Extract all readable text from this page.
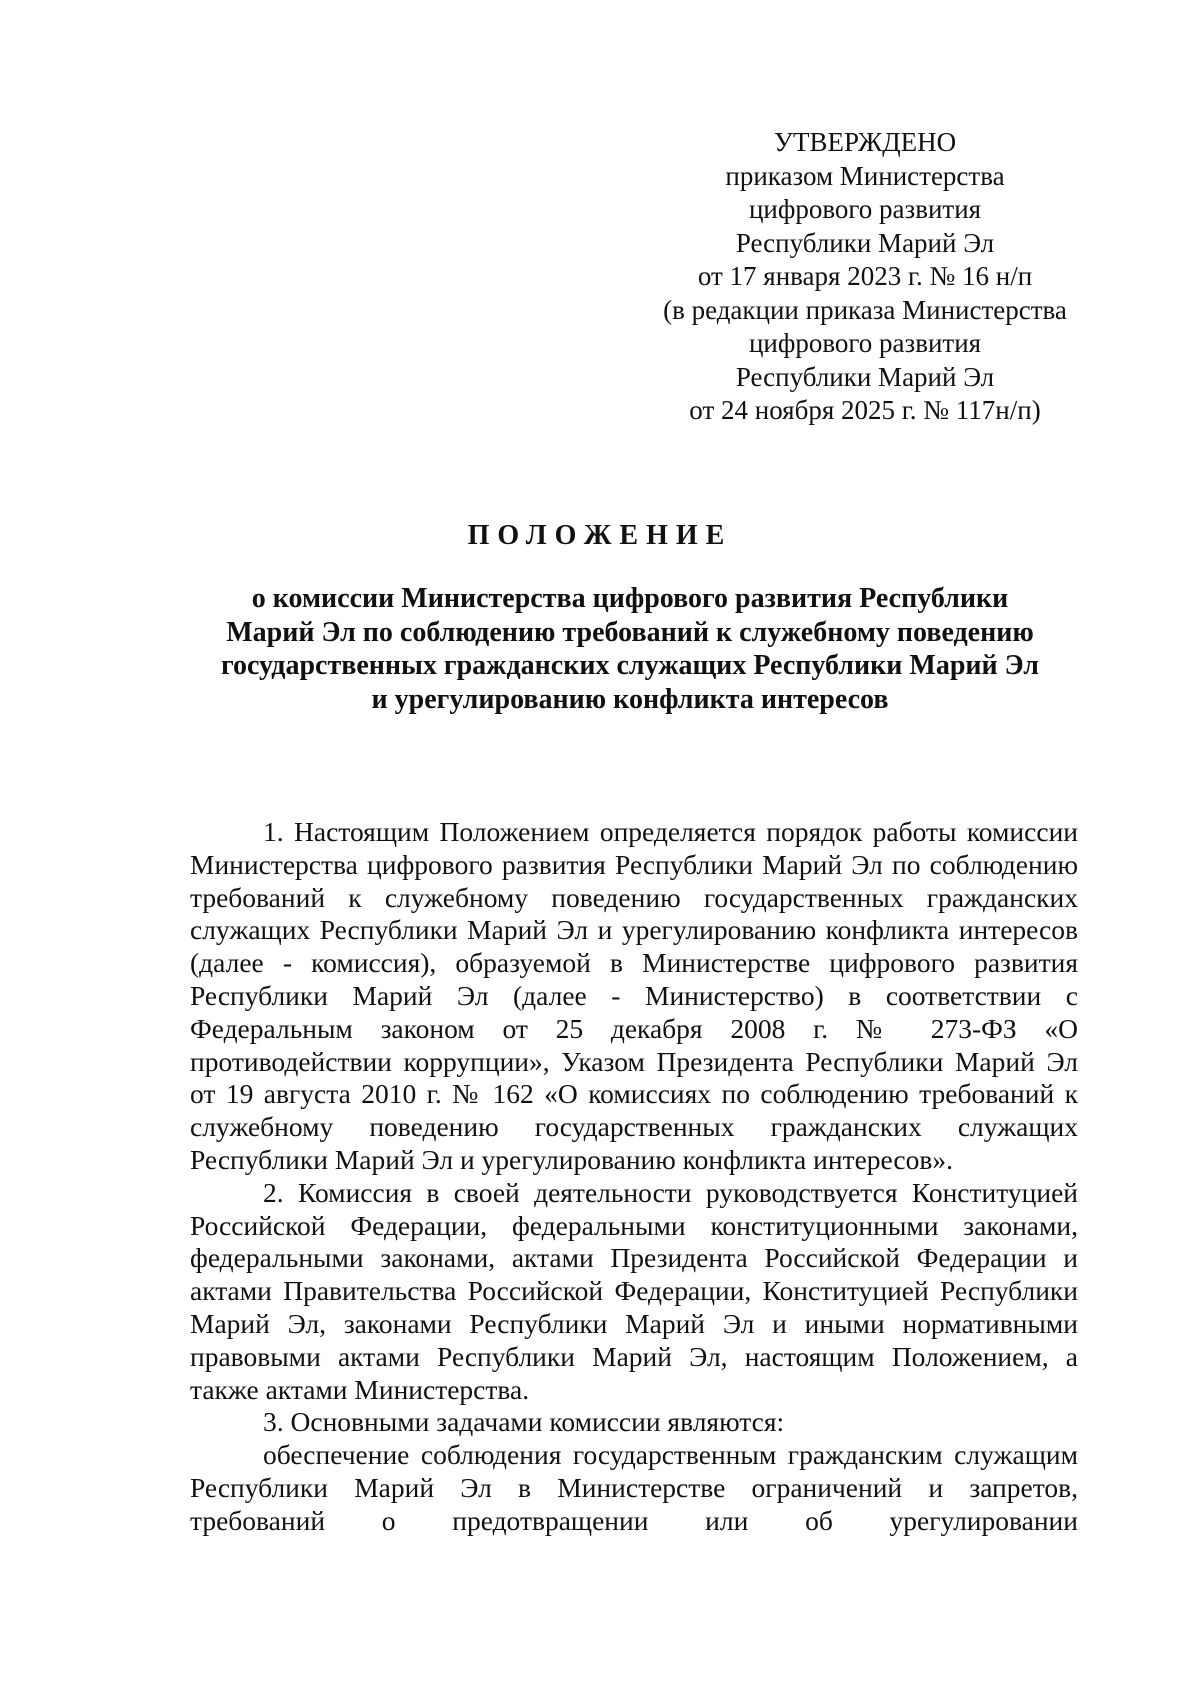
УТВЕРЖДЕНО
приказом Министерства
цифрового развития
Республики Марий Эл
от 17 января 2023 г. № 16 н/п
(в редакции приказа Министерства
цифрового развития
Республики Марий Эл
от 24 ноября 2025 г. № 117н/п)
ПОЛОЖЕНИЕ
о комиссии Министерства цифрового развития Республики
Марий Эл по соблюдению требований к служебному поведению
государственных гражданских служащих Республики Марий Эл
и урегулированию конфликта интересов

1. Настоящим Положением определяется порядок работы комиссии Министерства цифрового развития Республики Марий Эл по соблюдению требований к служебному поведению государственных гражданских служащих Республики Марий Эл и урегулированию конфликта интересов (далее - комиссия), образуемой в Министерстве цифрового развития Республики Марий Эл (далее - Министерство) в соответствии с Федеральным законом от 25 декабря 2008 г. № 273-ФЗ «О противодействии коррупции», Указом Президента Республики Марий Эл от 19 августа 2010 г. № 162 «О комиссиях по соблюдению требований к служебному поведению государственных гражданских служащих Республики Марий Эл и урегулированию конфликта интересов».

2. Комиссия в своей деятельности руководствуется Конституцией Российской Федерации, федеральными конституционными законами, федеральными законами, актами Президента Российской Федерации и актами Правительства Российской Федерации, Конституцией Республики Марий Эл, законами Республики Марий Эл и иными нормативными правовыми актами Республики Марий Эл, настоящим Положением, а также актами Министерства.

3. Основными задачами комиссии являются:

обеспечение соблюдения государственным гражданским служащим Республики Марий Эл в Министерстве ограничений и запретов, требований о предотвращении или об урегулировании
